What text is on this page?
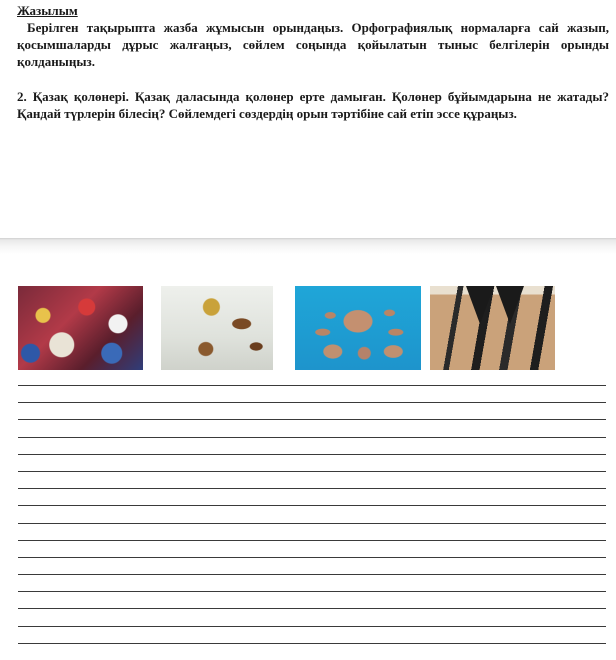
Жазылым

Берілген тақырыпта жазба жұмысын орындаңыз. Орфографиялық нормаларға сай жазып, қосымшаларды дұрыс жалғаңыз, сөйлем соңында қойылатын тыныс белгілерін орынды қолданыңыз.

2. Қазақ қолөнері. Қазақ даласында қолөнер ерте дамыған. Қолөнер бұйымдарына не жатады? Қандай түрлерін білесің? Сөйлемдегі сөздердің орын тәртібіне сай етіп эссе құраңыз.
